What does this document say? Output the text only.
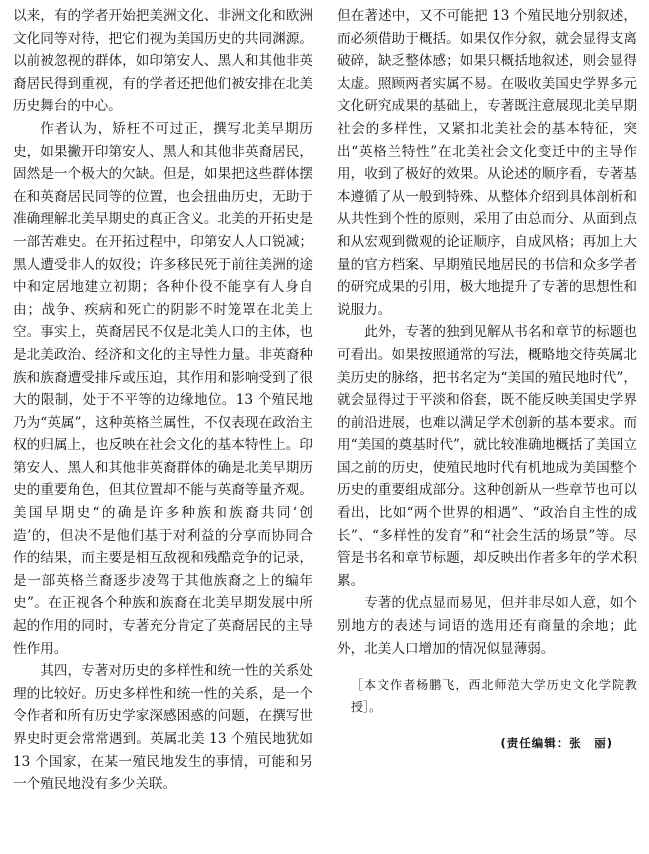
以来，有的学者开始把美洲文化、非洲文化和欧洲文化同等对待，把它们视为美国历史的共同渊源。以前被忽视的群体，如印第安人、黑人和其他非英裔居民得到重视，有的学者还把他们被安排在北美历史舞台的中心。

作者认为，矫枉不可过正，撰写北美早期历史，如果撇开印第安人、黑人和其他非英裔居民，固然是一个极大的欠缺。但是，如果把这些群体摆在和英裔居民同等的位置，也会扭曲历史，无助于准确理解北美早期史的真正含义。北美的开拓史是一部苦难史。在开拓过程中，印第安人人口锐减；黑人遭受非人的奴役；许多移民死于前往美洲的途中和定居地建立初期；各种仆役不能享有人身自由；战争、疾病和死亡的阴影不时笼罩在北美上空。事实上，英裔居民不仅是北美人口的主体，也是北美政治、经济和文化的主导性力量。非英裔种族和族裔遭受排斥或压迫，其作用和影响受到了很大的限制，处于不平等的边缘地位。13 个殖民地乃为“英属”，这种英格兰属性，不仅表现在政治主权的归属上，也反映在社会文化的基本特性上。印第安人、黑人和其他非英裔群体的确是北美早期历史的重要角色，但其位置却不能与英裔等量齐观。美国早期史“的确是许多种族和族裔共同‘创造’的，但决不是他们基于对利益的分享而协同合作的结果，而主要是相互敌视和残酷竞争的记录，是一部英格兰裔逐步凌驾于其他族裔之上的编年史”。在正视各个种族和族裔在北美早期发展中所起的作用的同时，专著充分肯定了英裔居民的主导性作用。

其四，专著对历史的多样性和统一性的关系处理的比较好。历史多样性和统一性的关系，是一个令作者和所有历史学家深感困惑的问题，在撰写世界史时更会常常遇到。英属北美 13 个殖民地犹如 13 个国家，在某一殖民地发生的事情，可能和另一个殖民地没有多少关联。

但在著述中，又不可能把 13 个殖民地分别叙述，而必须借助于概括。如果仅作分叙，就会显得支离破碎，缺乏整体感；如果只概括地叙述，则会显得太虚。照顾两者实属不易。在吸收美国史学界多元文化研究成果的基础上，专著既注意展现北美早期社会的多样性，又紧扣北美社会的基本特征，突出“英格兰特性”在北美社会文化变迁中的主导作用，收到了极好的效果。从论述的顺序看，专著基本遵循了从一般到特殊、从整体介绍到具体剖析和从共性到个性的原则，采用了由总而分、从面到点和从宏观到微观的论证顺序，自成风格；再加上大量的官方档案、早期殖民地居民的书信和众多学者的研究成果的引用，极大地提升了专著的思想性和说服力。

此外，专著的独到见解从书名和章节的标题也可看出。如果按照通常的写法，概略地交待英属北美历史的脉络，把书名定为“美国的殖民地时代”，就会显得过于平淡和俗套，既不能反映美国史学界的前沿进展，也难以满足学术创新的基本要求。而用“美国的奠基时代”，就比较准确地概括了美国立国之前的历史，使殖民地时代有机地成为美国整个历史的重要组成部分。这种创新从一些章节也可以看出，比如“两个世界的相遇”、“政治自主性的成长”、“多样性的发育”和“社会生活的场景”等。尽管是书名和章节标题，却反映出作者多年的学术积累。

专著的优点显而易见，但并非尽如人意，如个别地方的表述与词语的选用还有商量的余地；此外，北美人口增加的情况似显薄弱。

［本文作者杨鹏飞，西北师范大学历史文化学院教授］。

(责任编辑：张　丽)
